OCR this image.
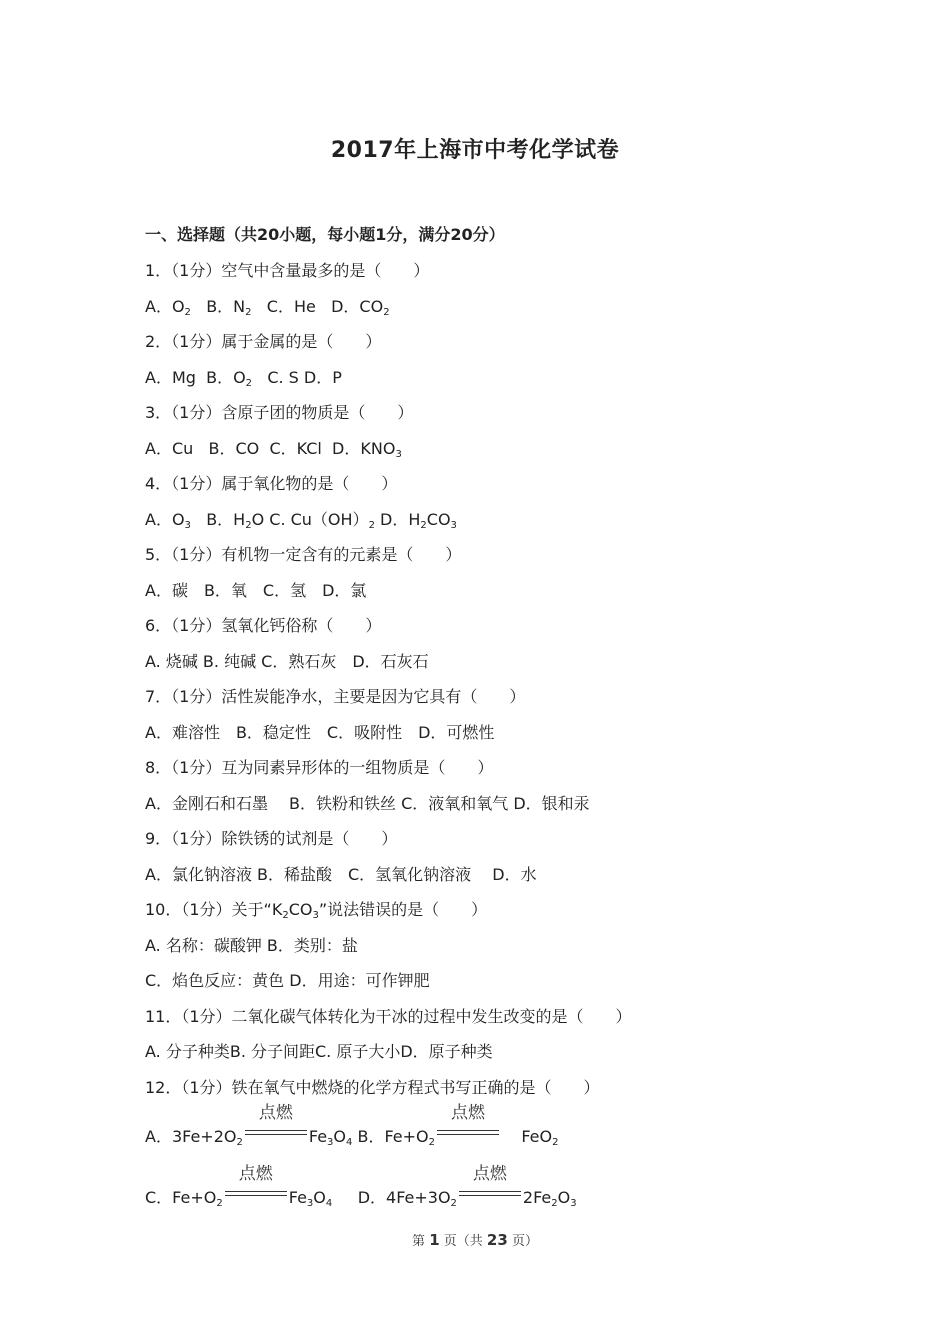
2017年上海市中考化学试卷
一、选择题（共20小题，每小题1分，满分20分）
1．（1分）空气中含量最多的是（　　）
A．$O_2$ B．$N_2$ C．He D．$CO_2$
2．（1分）属于金属的是（　　）
A．Mg B．$O_2$ C. S D．P
3．（1分）含原子团的物质是（　　）
A．Cu B．CO C．KCl D．$KNO_3$
4．（1分）属于氧化物的是（　　）
A．$O_3$ B．$H_2O$ C. $Cu(OH)_2$ D．$H_2CO_3$
5．（1分）有机物一定含有的元素是（　　）
A．碳　B．氧　C．氢　D．氯
6．（1分）氢氧化钙俗称（　　）
A. 烧碱 B. 纯碱 C．熟石灰　D．石灰石
7．（1分）活性炭能净水，主要是因为它具有（　　）
A．难溶性　B．稳定性　C．吸附性　D．可燃性
8．（1分）互为同素异形体的一组物质是（　　）
A．金刚石和石墨　 B．铁粉和铁丝 C．液氧和氧气 D．银和汞
9．（1分）除铁锈的试剂是（　　）
A．氯化钠溶液 B．稀盐酸　C．氢氧化钠溶液　 D．水
10．（1分）关于“$K_2CO_3$”说法错误的是（　　）
A. 名称：碳酸钾 B．类别：盐
C．焰色反应：黄色 D．用途：可作钾肥
11．（1分）二氧化碳气体转化为干冰的过程中发生改变的是（　　）
A. 分子种类B. 分子间距C. 原子大小D．原子种类
12．（1分）铁在氧气中燃烧的化学方程式书写正确的是（　　）
A．$3Fe+2O_2$
点燃
$Fe_3O_4$ B．$Fe+O_2$
点燃
FeO$_2$
C．$Fe+O_2$
点燃
$Fe_3O_4$ D．$4Fe+3O_2$
点燃
$2Fe_2O_3$
第 1 页（共 23 页）
